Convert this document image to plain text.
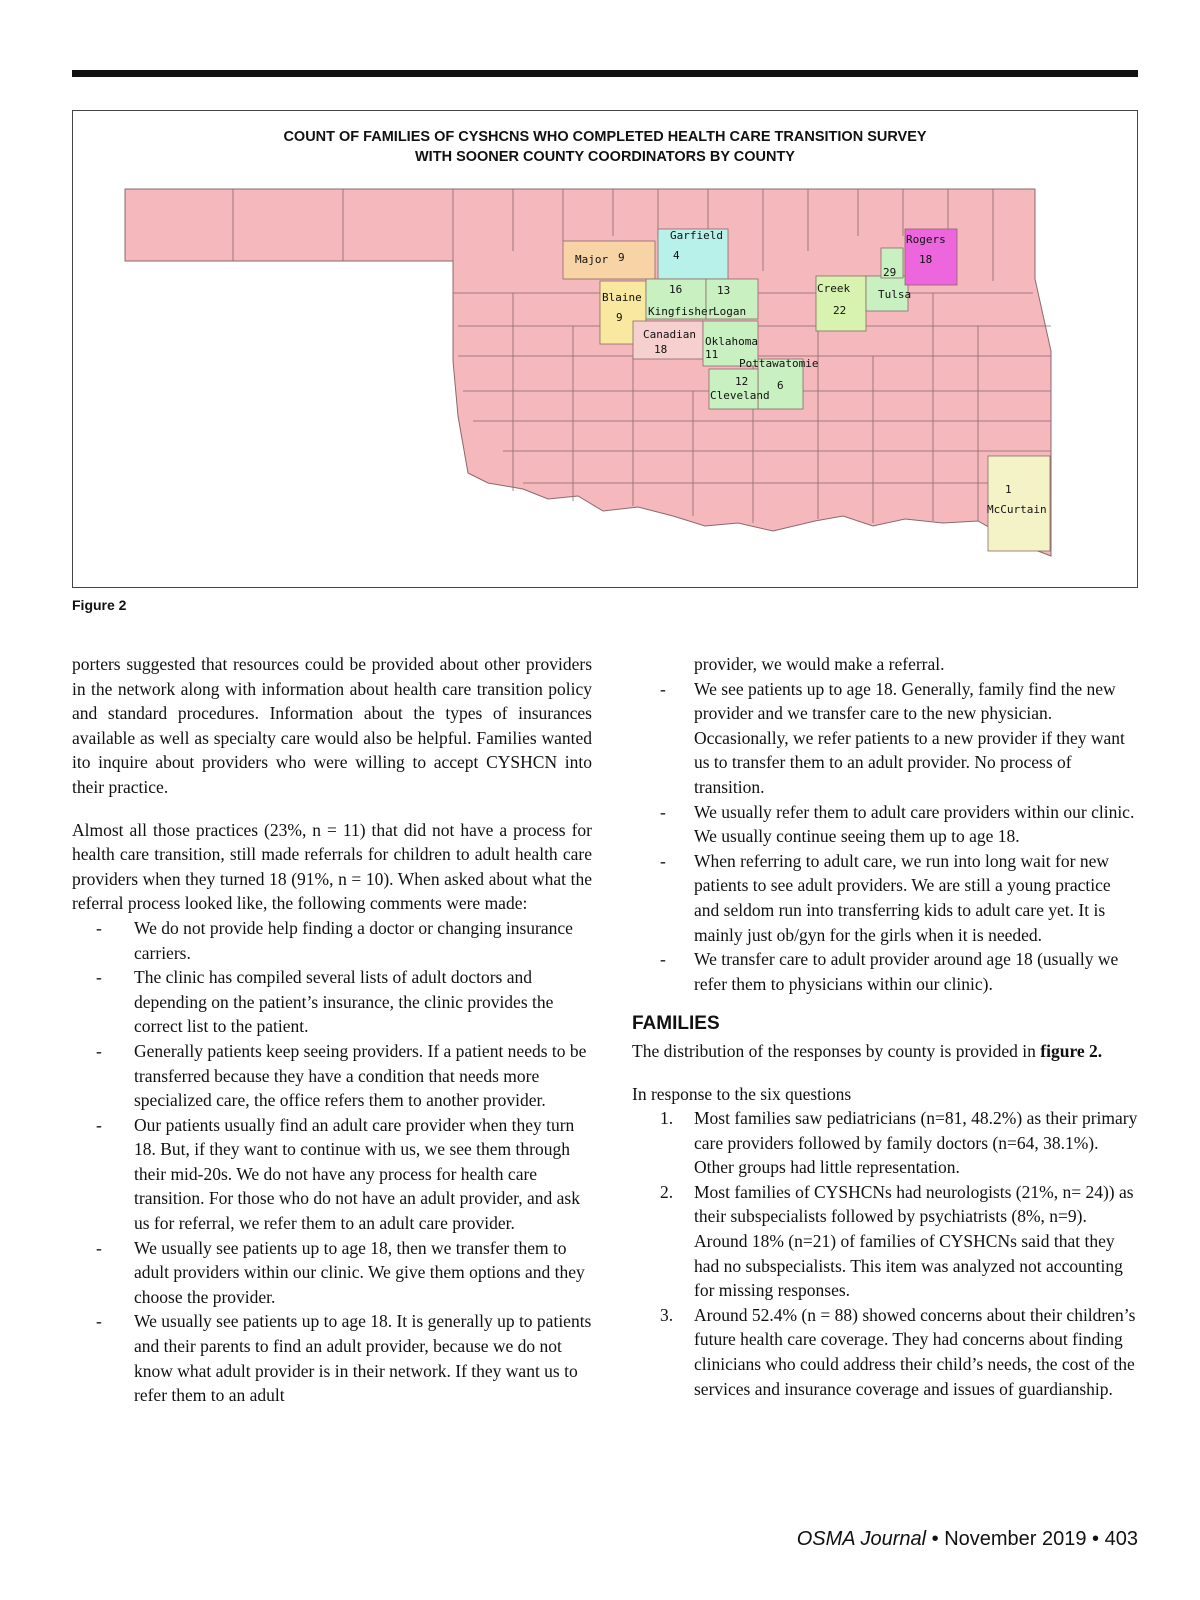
COUNT OF FAMILIES OF CYSHCNS WHO COMPLETED HEALTH CARE TRANSITION SURVEY
WITH SOONER COUNTY COORDINATORS BY COUNTY
Major 9
Garfield
4
Blaine
9
16
Kingfisher
13
Logan
Canadian
18
Oklahoma
11
Pottawatomie
6
12
Cleveland
Creek
22
29
Tulsa
Rogers
18
1
McCurtain
Figure 2

porters suggested that resources could be provided about other providers in the network along with information about health care transition policy and standard procedures. Information about the types of insurances available as well as specialty care would also be helpful. Families wanted ito inquire about providers who were willing to accept CYSHCN into their practice.

Almost all those practices (23%, n = 11) that did not have a process for health care transition, still made referrals for children to adult health care providers when they turned 18 (91%, n = 10). When asked about what the referral process looked like, the following comments were made:

- We do not provide help finding a doctor or changing insurance carriers.
- The clinic has compiled several lists of adult doctors and depending on the patient’s insurance, the clinic provides the correct list to the patient.
- Generally patients keep seeing providers. If a patient needs to be transferred because they have a condition that needs more specialized care, the office refers them to another provider.
- Our patients usually find an adult care provider when they turn 18. But, if they want to continue with us, we see them through their mid-20s. We do not have any process for health care transition. For those who do not have an adult provider, and ask us for referral, we refer them to an adult care provider.
- We usually see patients up to age 18, then we transfer them to adult providers within our clinic. We give them options and they choose the provider.
- We usually see patients up to age 18. It is generally up to patients and their parents to find an adult provider, because we do not know what adult provider is in their network. If they want us to refer them to an adult

provider, we would make a referral.

- We see patients up to age 18. Generally, family find the new provider and we transfer care to the new physician. Occasionally, we refer patients to a new provider if they want us to transfer them to an adult provider. No process of transition.
- We usually refer them to adult care providers within our clinic. We usually continue seeing them up to age 18.
- When referring to adult care, we run into long wait for new patients to see adult providers. We are still a young practice and seldom run into transferring kids to adult care yet. It is mainly just ob/gyn for the girls when it is needed.
- We transfer care to adult provider around age 18 (usually we refer them to physicians within our clinic).

FAMILIES

The distribution of the responses by county is provided in figure 2.

In response to the six questions

1. Most families saw pediatricians (n=81, 48.2%) as their primary care providers followed by family doctors (n=64, 38.1%). Other groups had little representation.
2. Most families of CYSHCNs had neurologists (21%, n= 24)) as their subspecialists followed by psychiatrists (8%, n=9). Around 18% (n=21) of families of CYSHCNs said that they had no subspecialists. This item was analyzed not accounting for missing responses.
3. Around 52.4% (n = 88) showed concerns about their children’s future health care coverage. They had concerns about finding clinicians who could address their child’s needs, the cost of the services and insurance coverage and issues of guardianship.
OSMA Journal • November 2019 • 403
